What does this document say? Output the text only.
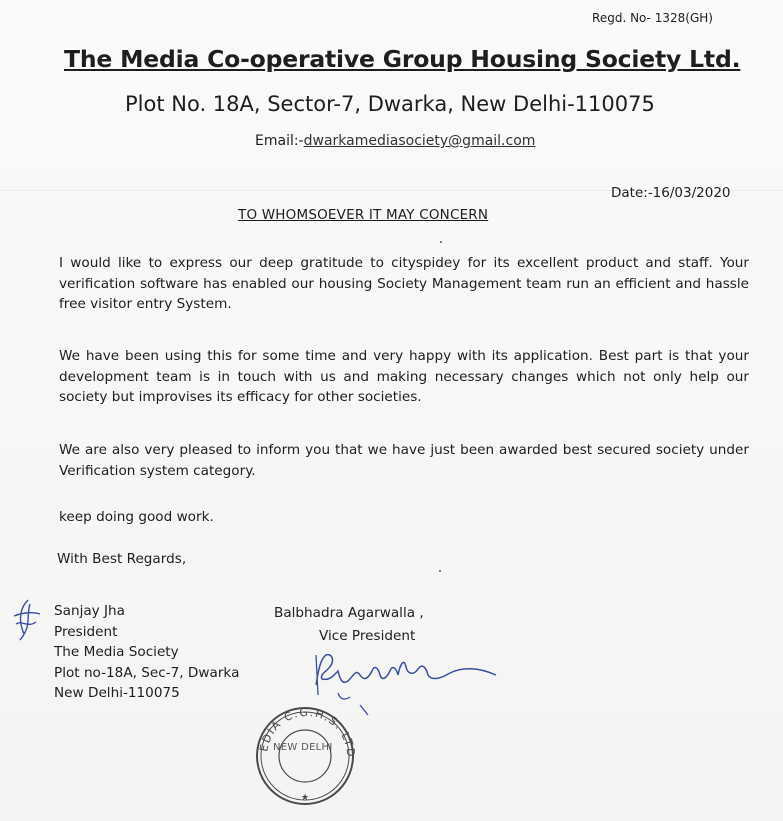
Regd. No- 1328(GH)
The Media Co-operative Group Housing Society Ltd.
Plot No. 18A, Sector-7, Dwarka, New Delhi-110075
Email:-dwarkamediasociety@gmail.com
Date:-16/03/2020
TO WHOMSOEVER IT MAY CONCERN
I would like to express our deep gratitude to cityspidey for its excellent product and staff. Your verification software has enabled our housing Society Management team run an efficient and hassle free visitor entry System.
We have been using this for some time and very happy with its application. Best part is that your development team is in touch with us and making necessary changes which not only help our society but improvises its efficacy for other societies.
We are also very pleased to inform you that we have just been awarded best secured society under Verification system category.
keep doing good work.
With Best Regards,
Sanjay Jha
President
The Media Society
Plot no-18A, Sec-7, Dwarka
New Delhi-110075
Balbhadra Agarwalla ,
Vice President
EDIA C.G.H.S. LTD
★
NEW DELHI
